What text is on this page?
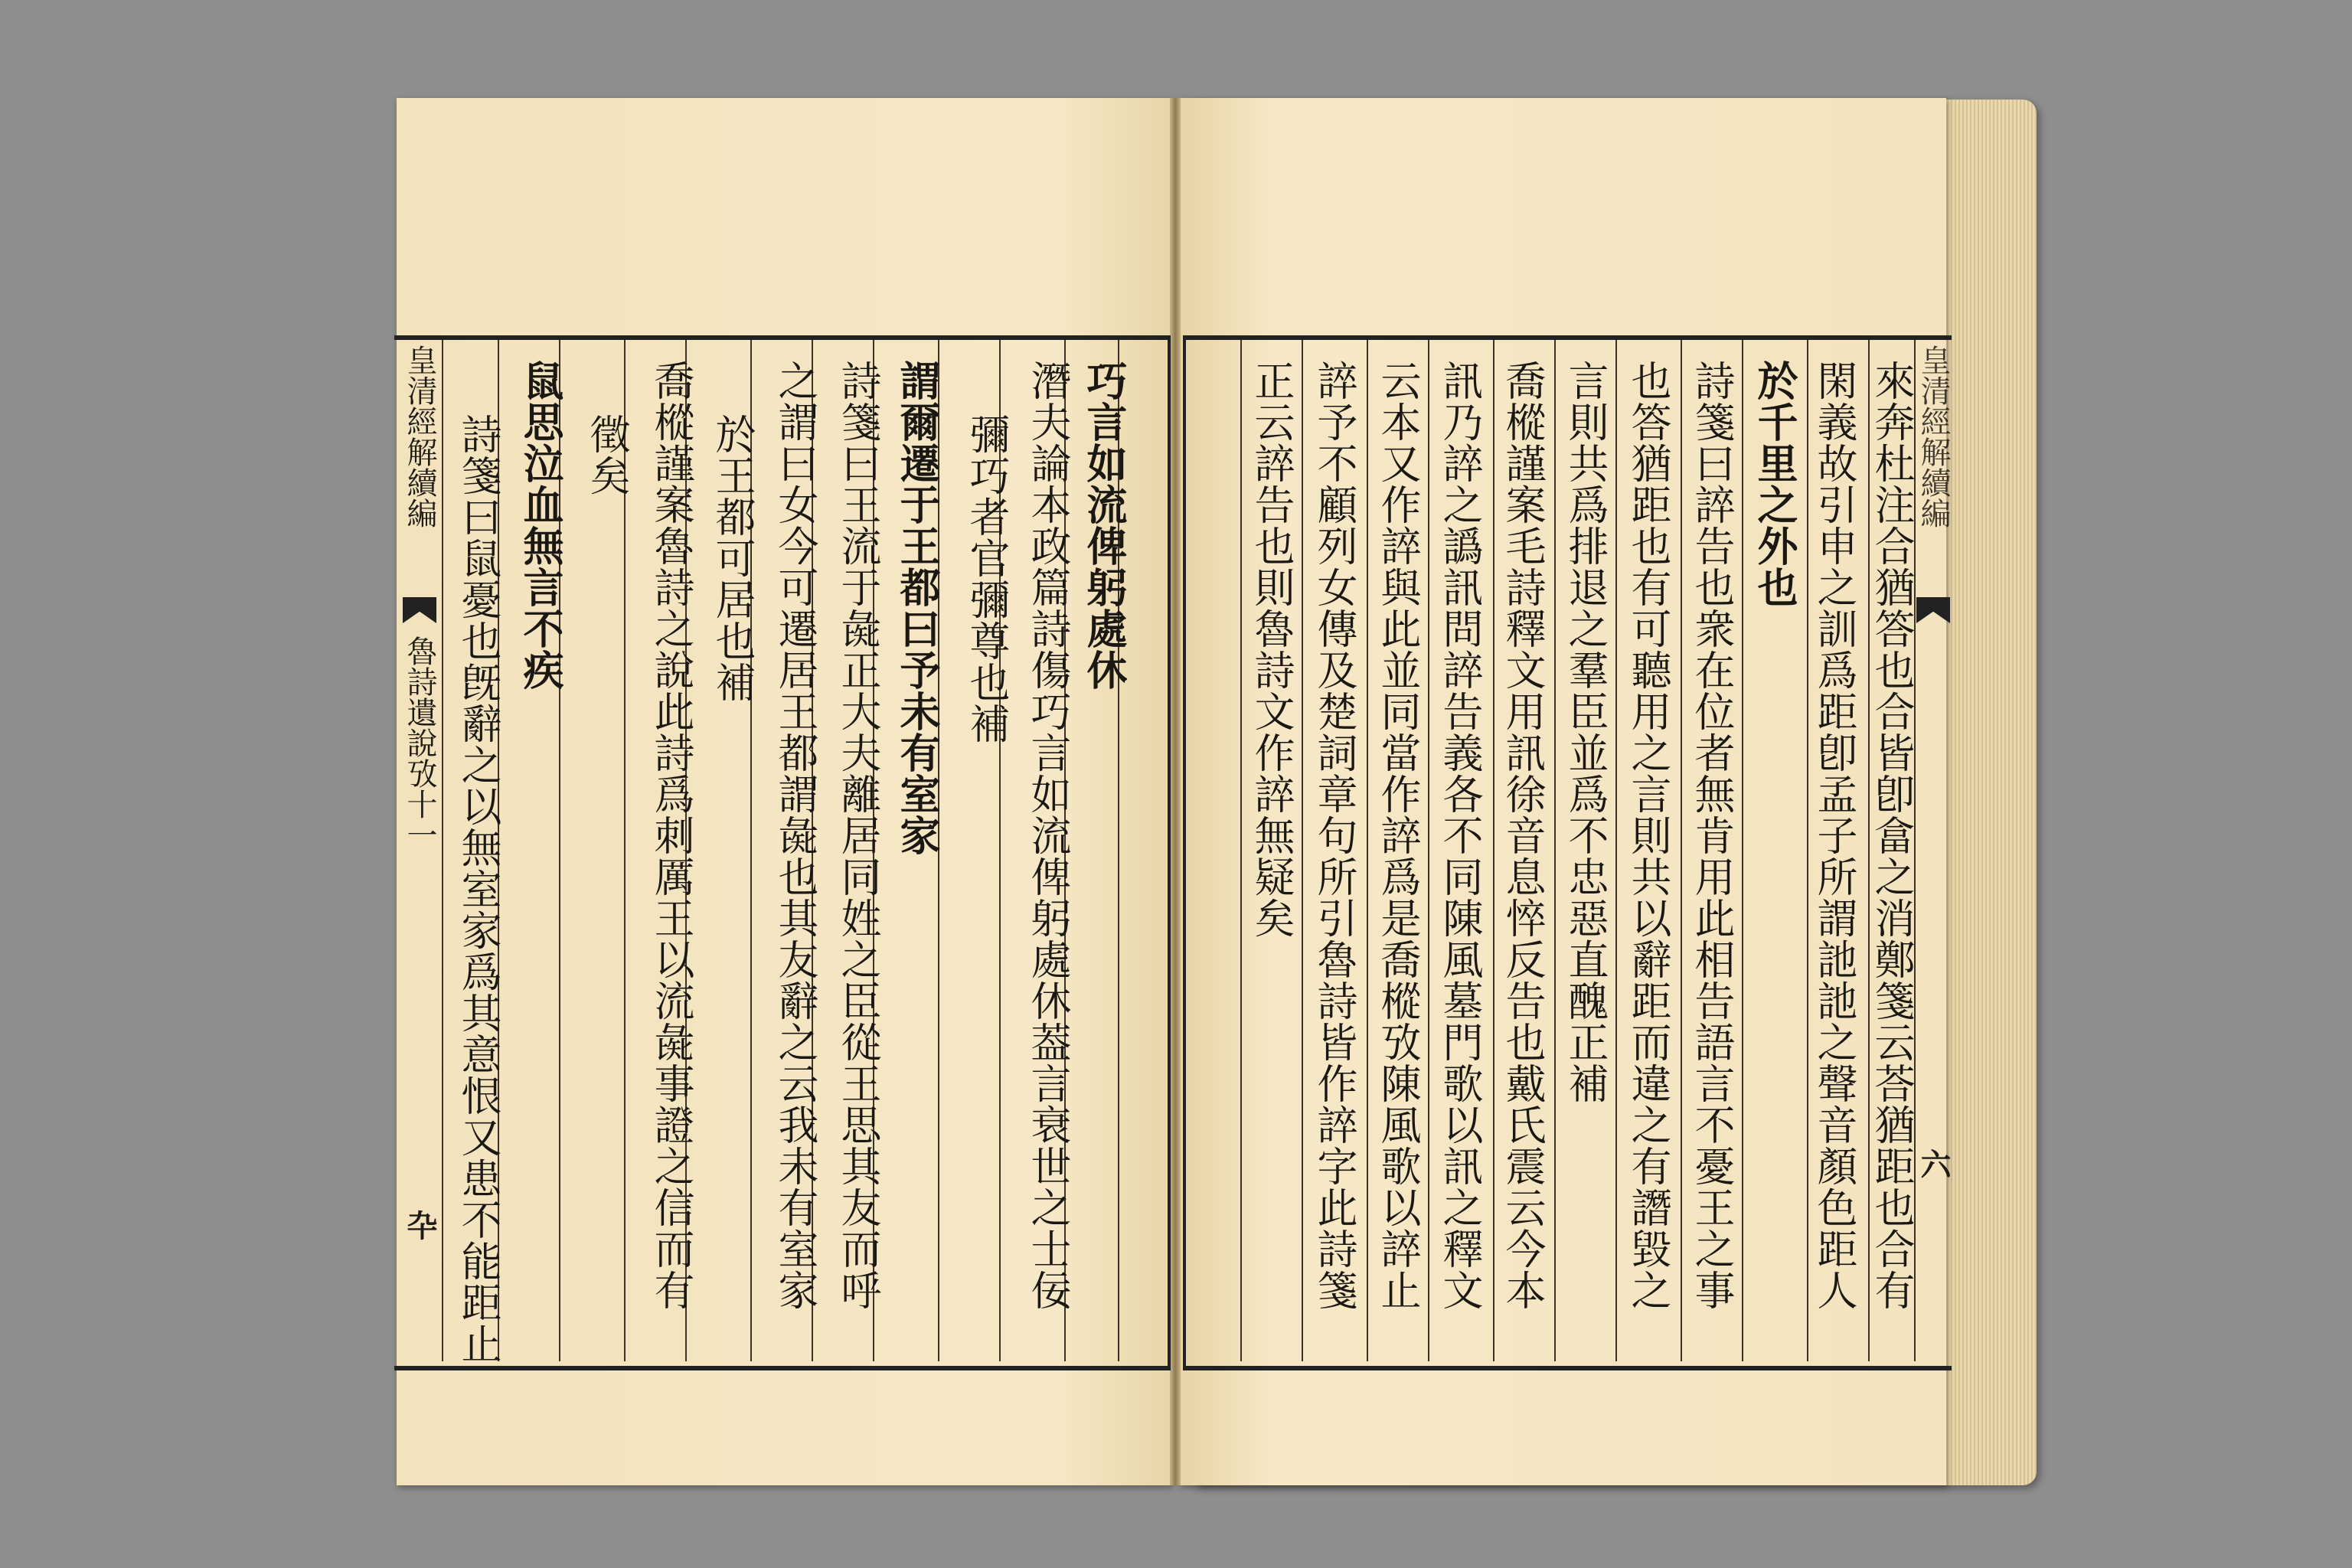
皇清經解續編
魯詩遺說攷十一
卆
皇清經解續編
六
巧言如流俾躬處休
潛夫論本政篇詩傷巧言如流俾躬處休葢言衰世之士佞
彌巧者官彌尊也補
謂爾遷于王都曰予未有室家
詩箋曰王流于彘正大夫離居同姓之臣從王思其友而呼
之謂曰女今可遷居王都謂彘也其友辭之云我未有室家
於王都可居也補
喬樅謹案魯詩之說此詩爲刺厲王以流彘事證之信而有
徵矣
鼠思泣血無言不疾
詩箋曰鼠憂也旣辭之以無室家爲其意恨又患不能距止	來奔杜注合猶答也合皆卽畣之消鄭箋云荅猶距也合有
閑義故引申之訓爲距卽孟子所謂訑訑之聲音顏色距人
於千里之外也
詩箋曰誶告也衆在位者無肯用此相告語言不憂王之事
也答猶距也有可聽用之言則共以辭距而違之有譖毀之
言則共爲排退之羣臣並爲不忠惡直醜正補
喬樅謹案毛詩釋文用訊徐音息悴反告也戴氏震云今本
訊乃誶之譌訊問誶告義各不同陳風墓門歌以訊之釋文
云本又作誶與此並同當作誶爲是喬樅攷陳風歌以誶止
誶予不顧列女傳及楚詞章句所引魯詩皆作誶字此詩箋
正云誶告也則魯詩文作誶無疑矣
